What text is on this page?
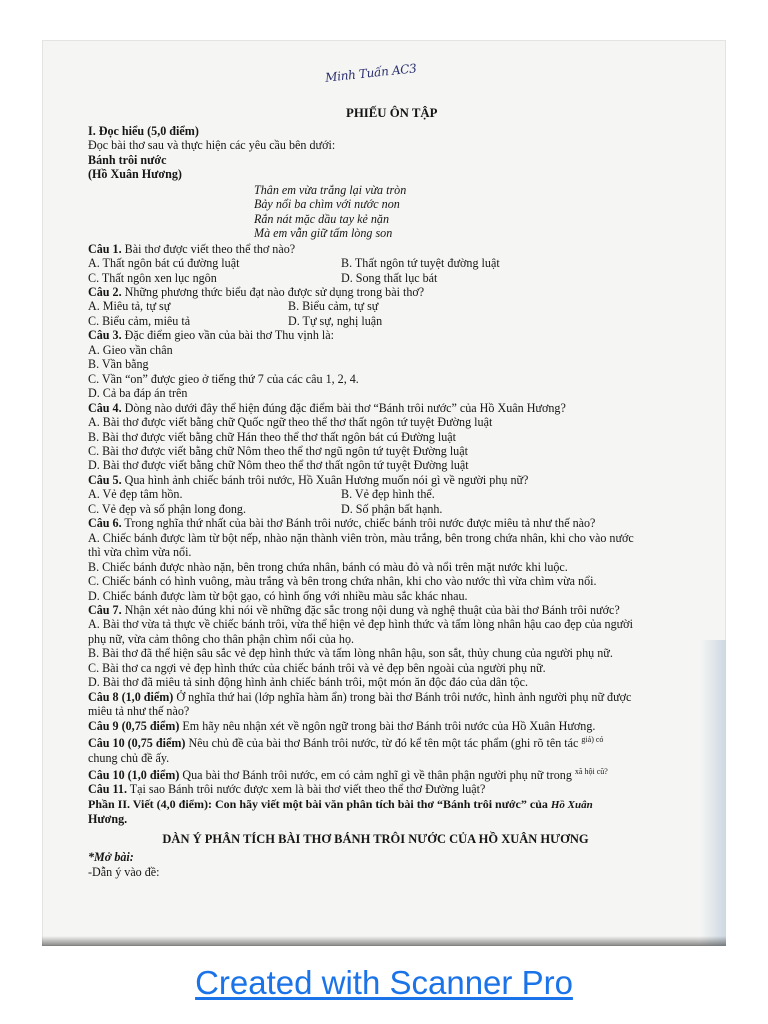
Minh Tuấn AC3
PHIẾU ÔN TẬP
I. Đọc hiểu (5,0 điểm)
Đọc bài thơ sau và thực hiện các yêu cầu bên dưới:
Bánh trôi nước
(Hồ Xuân Hương)
Thân em vừa trắng lại vừa tròn
Bảy nổi ba chìm với nước non
Rắn nát mặc dầu tay kẻ nặn
Mà em vẫn giữ tấm lòng son
Câu 1. Bài thơ được viết theo thể thơ nào?
A. Thất ngôn bát cú đường luật	B. Thất ngôn tứ tuyệt đường luật
C. Thất ngôn xen lục ngôn	D. Song thất lục bát
Câu 2. Những phương thức biểu đạt nào được sử dụng trong bài thơ?
A. Miêu tả, tự sự	B. Biểu cảm, tự sự
C. Biểu cảm, miêu tả	D. Tự sự, nghị luận
Câu 3. Đặc điểm gieo vần của bài thơ Thu vịnh là:
A. Gieo vần chân
B. Vần bằng
C. Vần “on” được gieo ở tiếng thứ 7 của các câu 1, 2, 4.
D. Cả ba đáp án trên
Câu 4. Dòng nào dưới đây thể hiện đúng đặc điểm bài thơ “Bánh trôi nước” của Hồ Xuân Hương?
A. Bài thơ được viết bằng chữ Quốc ngữ theo thể thơ thất ngôn tứ tuyệt Đường luật
B. Bài thơ được viết bằng chữ Hán theo thể thơ thất ngôn bát cú Đường luật
C. Bài thơ được viết bằng chữ Nôm theo thể thơ ngũ ngôn tứ tuyệt Đường luật
D. Bài thơ được viết bằng chữ Nôm theo thể thơ thất ngôn tứ tuyệt Đường luật
Câu 5. Qua hình ảnh chiếc bánh trôi nước, Hồ Xuân Hương muốn nói gì về người phụ nữ?
A. Vẻ đẹp tâm hồn.	B. Vẻ đẹp hình thể.
C. Vẻ đẹp và số phận long đong.	D. Số phận bất hạnh.
Câu 6. Trong nghĩa thứ nhất của bài thơ Bánh trôi nước, chiếc bánh trôi nước được miêu tả như thế nào?
A. Chiếc bánh được làm từ bột nếp, nhào nặn thành viên tròn, màu trắng, bên trong chứa nhân, khi cho vào nước
thì vừa chìm vừa nổi.
B. Chiếc bánh được nhào nặn, bên trong chứa nhân, bánh có màu đỏ và nổi trên mặt nước khi luộc.
C. Chiếc bánh có hình vuông, màu trắng và bên trong chứa nhân, khi cho vào nước thì vừa chìm vừa nổi.
D. Chiếc bánh được làm từ bột gạo, có hình ống với nhiều màu sắc khác nhau.
Câu 7. Nhận xét nào đúng khi nói về những đặc sắc trong nội dung và nghệ thuật của bài thơ Bánh trôi nước?
A. Bài thơ vừa tả thực về chiếc bánh trôi, vừa thể hiện vẻ đẹp hình thức và tấm lòng nhân hậu cao đẹp của người
phụ nữ, vừa cảm thông cho thân phận chìm nổi của họ.
B. Bài thơ đã thể hiện sâu sắc vẻ đẹp hình thức và tấm lòng nhân hậu, son sắt, thủy chung của người phụ nữ.
C. Bài thơ ca ngợi vẻ đẹp hình thức của chiếc bánh trôi và vẻ đẹp bên ngoài của người phụ nữ.
D. Bài thơ đã miêu tả sinh động hình ảnh chiếc bánh trôi, một món ăn độc đáo của dân tộc.
Câu 8 (1,0 điểm) Ở nghĩa thứ hai (lớp nghĩa hàm ẩn) trong bài thơ Bánh trôi nước, hình ảnh người phụ nữ được
miêu tả như thế nào?
Câu 9 (0,75 điểm) Em hãy nêu nhận xét về ngôn ngữ trong bài thơ Bánh trôi nước của Hồ Xuân Hương.
Câu 10 (0,75 điểm) Nêu chủ đề của bài thơ Bánh trôi nước, từ đó kể tên một tác phẩm (ghi rõ tên tác $^{giả) có}$
chung chủ đề ấy.
Câu 10 (1,0 điểm) Qua bài thơ Bánh trôi nước, em có cảm nghĩ gì về thân phận người phụ nữ trong $^{xã hội cũ?}$
Câu 11. Tại sao Bánh trôi nước được xem là bài thơ viết theo thể thơ Đường luật?
Phần II. Viết (4,0 điểm): Con hãy viết một bài văn phân tích bài thơ “Bánh trôi nước” của Hồ Xuân
Hương.
DÀN Ý PHÂN TÍCH BÀI THƠ BÁNH TRÔI NƯỚC CỦA HỒ XUÂN HƯƠNG
*Mở bài:
-Dẫn ý vào đề:
Created with Scanner Pro
